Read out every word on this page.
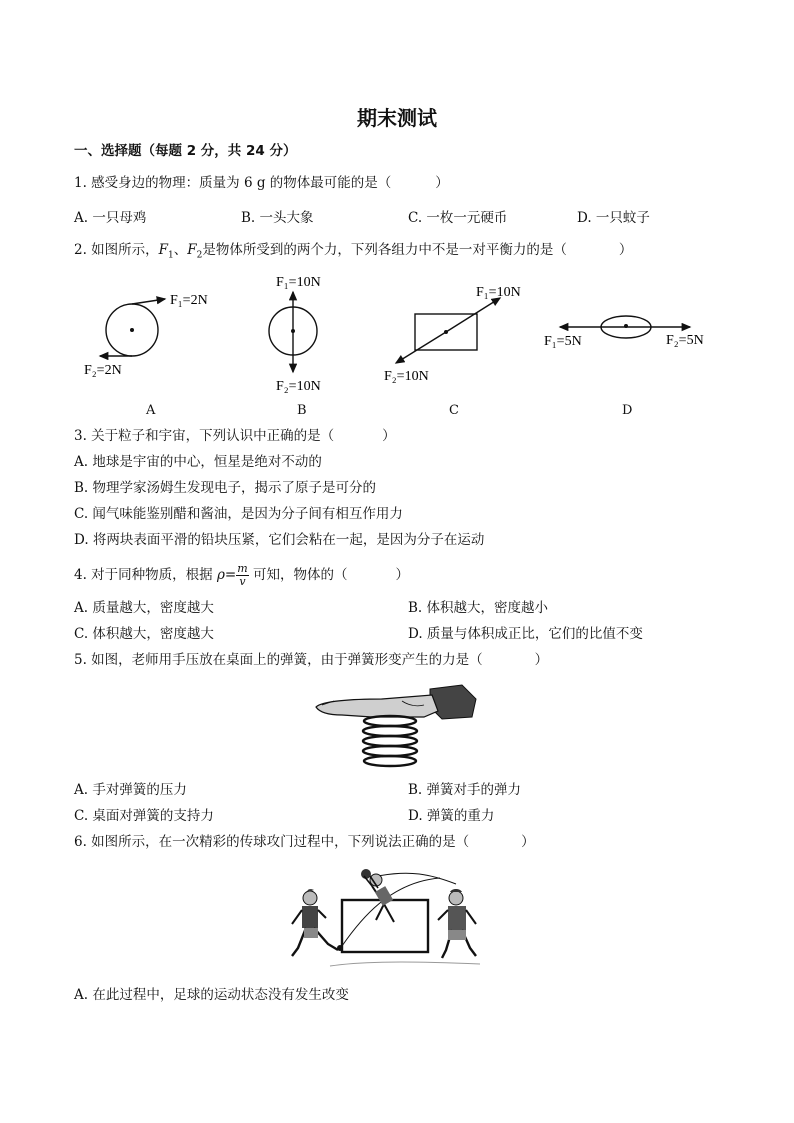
期末测试
一、选择题（每题 2 分，共 24 分）
1. 感受身边的物理：质量为 6 g 的物体最可能的是（	）
A. 一只母鸡	B. 一头大象	C. 一枚一元硬币	D. 一只蚊子
2. 如图所示，$F_1$、$F_2$是物体所受到的两个力，下列各组力中不是一对平衡力的是（	）
F₁=2N
F₂=2N
F₁=10N
F₂=10N
F₁=10N
F₂=10N
F₁=5N	F₂=5N
A	B	C	D
3. 关于粒子和宇宙，下列认识中正确的是（	）
A. 地球是宇宙的中心，恒星是绝对不动的
B. 物理学家汤姆生发现电子，揭示了原子是可分的
C. 闻气味能鉴别醋和酱油，是因为分子间有相互作用力
D. 将两块表面平滑的铅块压紧，它们会粘在一起，是因为分子在运动
4. 对于同种物质，根据 $\rho= \frac{m}{v}$ 可知，物体的（	）
A. 质量越大，密度越大	B. 体积越大，密度越小
C. 体积越大，密度越大	D. 质量与体积成正比，它们的比值不变
5. 如图，老师用手压放在桌面上的弹簧，由于弹簧形变产生的力是（	）
A. 手对弹簧的压力	B. 弹簧对手的弹力
C. 桌面对弹簧的支持力	D. 弹簧的重力
6. 如图所示，在一次精彩的传球攻门过程中，下列说法正确的是（	）
A. 在此过程中，足球的运动状态没有发生改变
